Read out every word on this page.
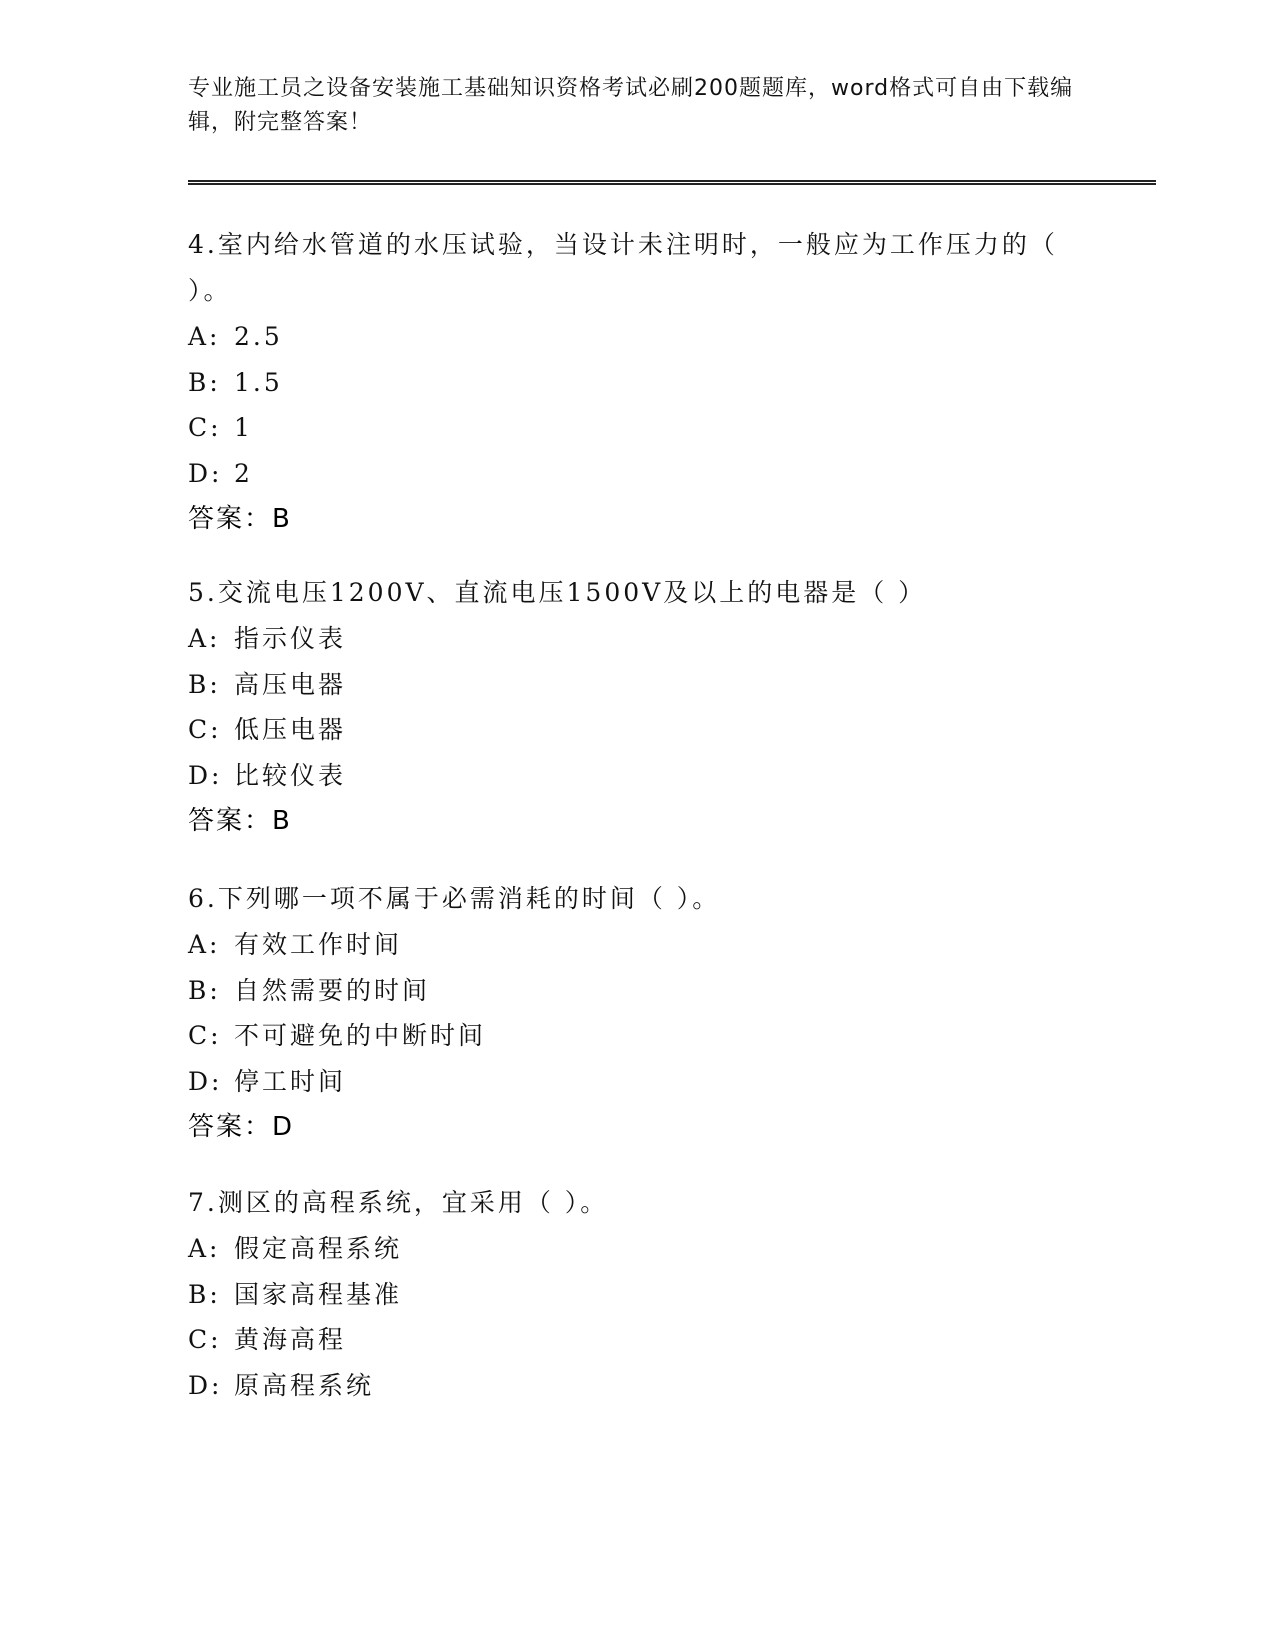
专业施工员之设备安装施工基础知识资格考试必刷200题题库，word格式可自由下载编辑，附完整答案！

4.室内给水管道的水压试验，当设计未注明时，一般应为工作压力的（ ）。

A: 2.5

B: 1.5

C: 1

D: 2

答案：B

5.交流电压1200V、直流电压1500V及以上的电器是（ ）

A: 指示仪表

B: 高压电器

C: 低压电器

D: 比较仪表

答案：B

6.下列哪一项不属于必需消耗的时间（ ）。

A: 有效工作时间

B: 自然需要的时间

C: 不可避免的中断时间

D: 停工时间

答案：D

7.测区的高程系统，宜采用（ ）。

A: 假定高程系统

B: 国家高程基准

C: 黄海高程

D: 原高程系统
